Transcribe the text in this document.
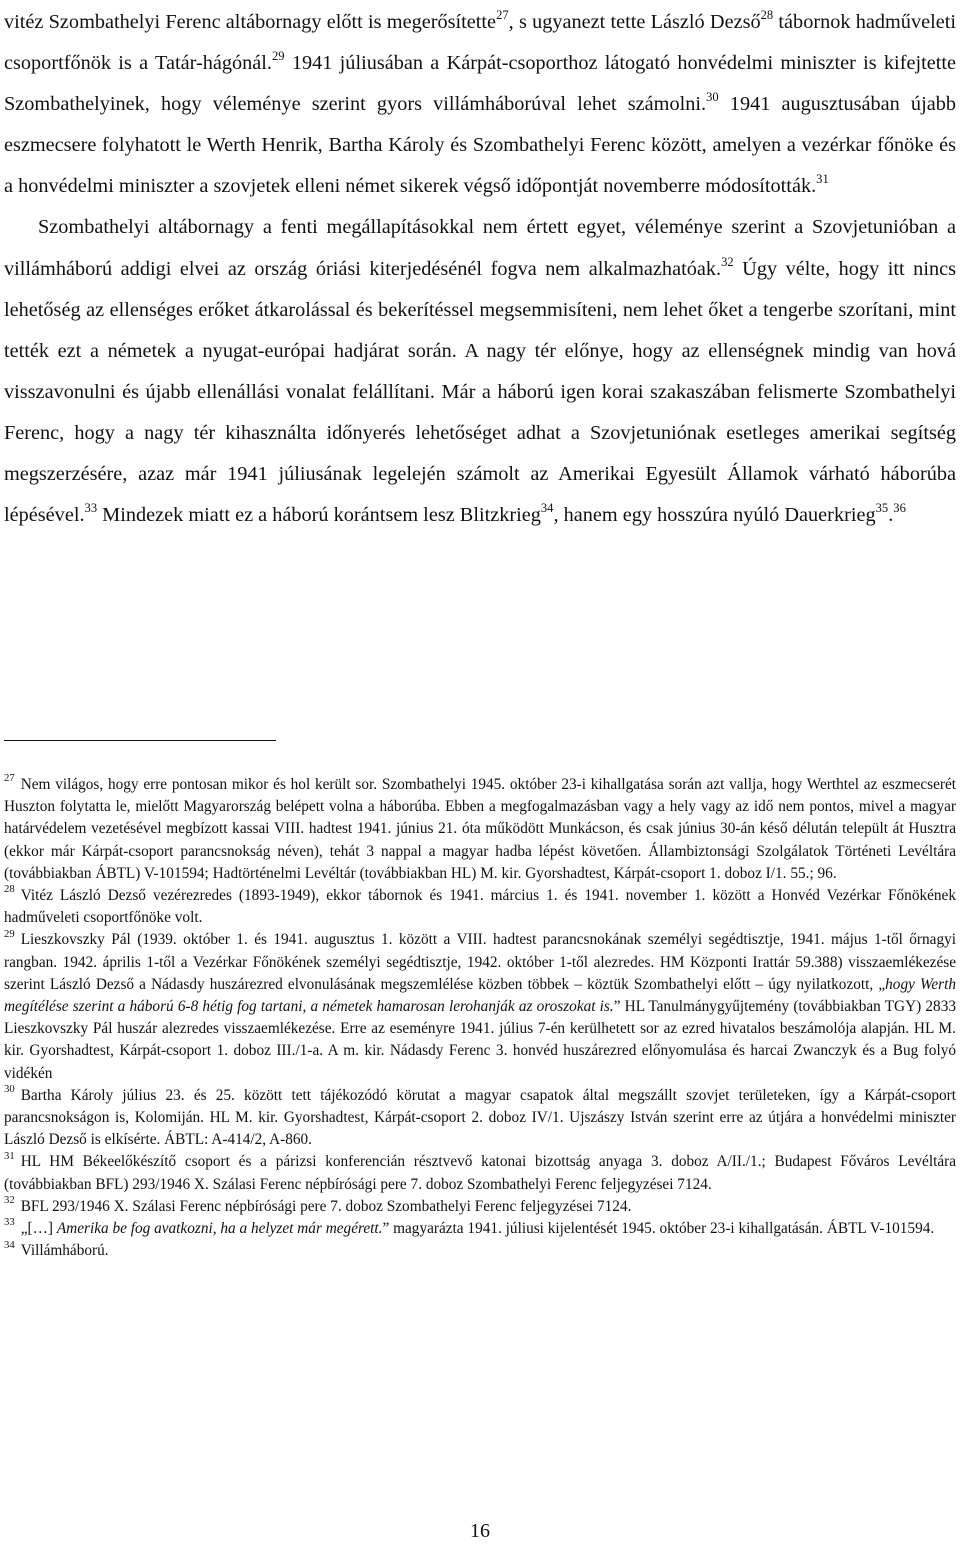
vitéz Szombathelyi Ferenc altábornagy előtt is megerősítette$^{27}$, s ugyanezt tette László Dezső$^{28}$ tábornok hadműveleti csoportfőnök is a Tatár-hágónál.$^{29}$ 1941 júliusában a Kárpát-csoporthoz látogató honvédelmi miniszter is kifejtette Szombathelyinek, hogy véleménye szerint gyors villámháborúval lehet számolni.$^{30}$ 1941 augusztusában újabb eszmecsere folyhatott le Werth Henrik, Bartha Károly és Szombathelyi Ferenc között, amelyen a vezérkar főnöke és a honvédelmi miniszter a szovjetek elleni német sikerek végső időpontját novemberre módosították.$^{31}$

Szombathelyi altábornagy a fenti megállapításokkal nem értett egyet, véleménye szerint a Szovjetunióban a villámháború addigi elvei az ország óriási kiterjedésénél fogva nem alkalmazhatóak.$^{32}$ Úgy vélte, hogy itt nincs lehetőség az ellenséges erőket átkarolással és bekerítéssel megsemmisíteni, nem lehet őket a tengerbe szorítani, mint tették ezt a németek a nyugat-európai hadjárat során. A nagy tér előnye, hogy az ellenségnek mindig van hová visszavonulni és újabb ellenállási vonalat felállítani. Már a háború igen korai szakaszában felismerte Szombathelyi Ferenc, hogy a nagy tér kihasználta időnyerés lehetőséget adhat a Szovjetuniónak esetleges amerikai segítség megszerzésére, azaz már 1941 júliusának legelején számolt az Amerikai Egyesült Államok várható háborúba lépésével.$^{33}$ Mindezek miatt ez a háború korántsem lesz Blitzkrieg$^{34}$, hanem egy hosszúra nyúló Dauerkrieg$^{35}$.$^{36}$

$^{27}$ Nem világos, hogy erre pontosan mikor és hol került sor. Szombathelyi 1945. október 23-i kihallgatása során azt vallja, hogy Werthtel az eszmecserét Huszton folytatta le, mielőtt Magyarország belépett volna a háborúba. Ebben a megfogalmazásban vagy a hely vagy az idő nem pontos, mivel a magyar határvédelem vezetésével megbízott kassai VIII. hadtest 1941. június 21. óta működött Munkácson, és csak június 30-án késő délután települt át Husztra (ekkor már Kárpát-csoport parancsnokság néven), tehát 3 nappal a magyar hadba lépést követően. Állambiztonsági Szolgálatok Történeti Levéltára (továbbiakban ÁBTL) V-101594; Hadtörténelmi Levéltár (továbbiakban HL) M. kir. Gyorshadtest, Kárpát-csoport 1. doboz I/1. 55.; 96.

$^{28}$ Vitéz László Dezső vezérezredes (1893-1949), ekkor tábornok és 1941. március 1. és 1941. november 1. között a Honvéd Vezérkar Főnökének hadműveleti csoportfőnöke volt.

$^{29}$ Lieszkovszky Pál (1939. október 1. és 1941. augusztus 1. között a VIII. hadtest parancsnokának személyi segédtisztje, 1941. május 1-től őrnagyi rangban. 1942. április 1-től a Vezérkar Főnökének személyi segédtisztje, 1942. október 1-től alezredes. HM Központi Irattár 59.388) visszaemlékezése szerint László Dezső a Nádasdy huszárezred elvonulásának megszemlélése közben többek – köztük Szombathelyi előtt – úgy nyilatkozott, „hogy Werth megítélése szerint a háború 6-8 hétig fog tartani, a németek hamarosan lerohanják az oroszokat is.” HL Tanulmánygyűjtemény (továbbiakban TGY) 2833 Lieszkovszky Pál huszár alezredes visszaemlékezése. Erre az eseményre 1941. július 7-én kerülhetett sor az ezred hivatalos beszámolója alapján. HL M. kir. Gyorshadtest, Kárpát-csoport 1. doboz III./1-a. A m. kir. Nádasdy Ferenc 3. honvéd huszárezred előnyomulása és harcai Zwanczyk és a Bug folyó vidékén

$^{30}$ Bartha Károly július 23. és 25. között tett tájékozódó körutat a magyar csapatok által megszállt szovjet területeken, így a Kárpát-csoport parancsnokságon is, Kolomiján. HL M. kir. Gyorshadtest, Kárpát-csoport 2. doboz IV/1. Ujszászy István szerint erre az útjára a honvédelmi miniszter László Dezső is elkísérte. ÁBTL: A-414/2, A-860.

$^{31}$ HL HM Békeelőkészítő csoport és a párizsi konferencián résztvevő katonai bizottság anyaga 3. doboz A/II./1.; Budapest Főváros Levéltára (továbbiakban BFL) 293/1946 X. Szálasi Ferenc népbírósági pere 7. doboz Szombathelyi Ferenc feljegyzései 7124.

$^{32}$ BFL 293/1946 X. Szálasi Ferenc népbírósági pere 7. doboz Szombathelyi Ferenc feljegyzései 7124.

$^{33}$ „[…] Amerika be fog avatkozni, ha a helyzet már megérett.” magyarázta 1941. júliusi kijelentését 1945. október 23-i kihallgatásán. ÁBTL V-101594.

$^{34}$ Villámháború.

16
